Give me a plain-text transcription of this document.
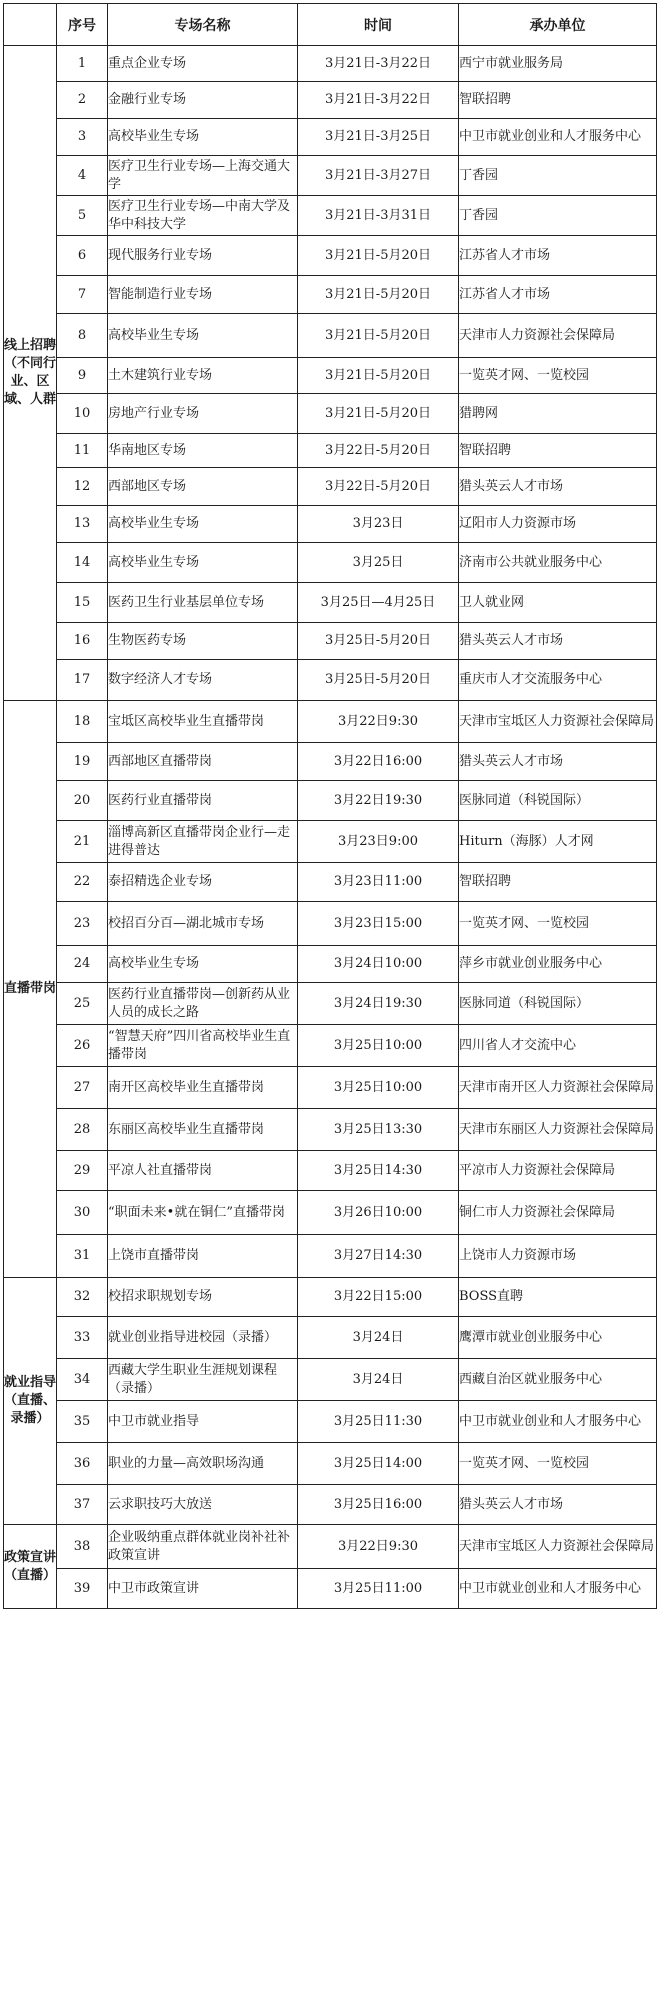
	序号	专场名称	时间	承办单位
线上招聘（不同行业、区域、人群	1	重点企业专场	3月21日-3月22日	西宁市就业服务局
	2	金融行业专场	3月21日-3月22日	智联招聘
	3	高校毕业生专场	3月21日-3月25日	中卫市就业创业和人才服务中心
	4	医疗卫生行业专场—上海交通大学	3月21日-3月27日	丁香园
	5	医疗卫生行业专场—中南大学及华中科技大学	3月21日-3月31日	丁香园
	6	现代服务行业专场	3月21日-5月20日	江苏省人才市场
	7	智能制造行业专场	3月21日-5月20日	江苏省人才市场
	8	高校毕业生专场	3月21日-5月20日	天津市人力资源社会保障局
	9	土木建筑行业专场	3月21日-5月20日	一览英才网、一览校园
	10	房地产行业专场	3月21日-5月20日	猎聘网
	11	华南地区专场	3月22日-5月20日	智联招聘
	12	西部地区专场	3月22日-5月20日	猎头英云人才市场
	13	高校毕业生专场	3月23日	辽阳市人力资源市场
	14	高校毕业生专场	3月25日	济南市公共就业服务中心
	15	医药卫生行业基层单位专场	3月25日—4月25日	卫人就业网
	16	生物医药专场	3月25日-5月20日	猎头英云人才市场
	17	数字经济人才专场	3月25日-5月20日	重庆市人才交流服务中心
直播带岗	18	宝坻区高校毕业生直播带岗	3月22日9:30	天津市宝坻区人力资源社会保障局
	19	西部地区直播带岗	3月22日16:00	猎头英云人才市场
	20	医药行业直播带岗	3月22日19:30	医脉同道（科锐国际）
	21	淄博高新区直播带岗企业行—走进得普达	3月23日9:00	Hiturn（海豚）人才网
	22	泰招精选企业专场	3月23日11:00	智联招聘
	23	校招百分百—湖北城市专场	3月23日15:00	一览英才网、一览校园
	24	高校毕业生专场	3月24日10:00	萍乡市就业创业服务中心
	25	医药行业直播带岗—创新药从业人员的成长之路	3月24日19:30	医脉同道（科锐国际）
	26	“智慧天府”四川省高校毕业生直播带岗	3月25日10:00	四川省人才交流中心
	27	南开区高校毕业生直播带岗	3月25日10:00	天津市南开区人力资源社会保障局
	28	东丽区高校毕业生直播带岗	3月25日13:30	天津市东丽区人力资源社会保障局
	29	平凉人社直播带岗	3月25日14:30	平凉市人力资源社会保障局
	30	“职面未来•就在铜仁”直播带岗	3月26日10:00	铜仁市人力资源社会保障局
	31	上饶市直播带岗	3月27日14:30	上饶市人力资源市场
就业指导（直播、录播）	32	校招求职规划专场	3月22日15:00	BOSS直聘
	33	就业创业指导进校园（录播）	3月24日	鹰潭市就业创业服务中心
	34	西藏大学生职业生涯规划课程（录播）	3月24日	西藏自治区就业服务中心
	35	中卫市就业指导	3月25日11:30	中卫市就业创业和人才服务中心
	36	职业的力量—高效职场沟通	3月25日14:00	一览英才网、一览校园
	37	云求职技巧大放送	3月25日16:00	猎头英云人才市场
政策宣讲（直播）	38	企业吸纳重点群体就业岗补社补政策宣讲	3月22日9:30	天津市宝坻区人力资源社会保障局
	39	中卫市政策宣讲	3月25日11:00	中卫市就业创业和人才服务中心
